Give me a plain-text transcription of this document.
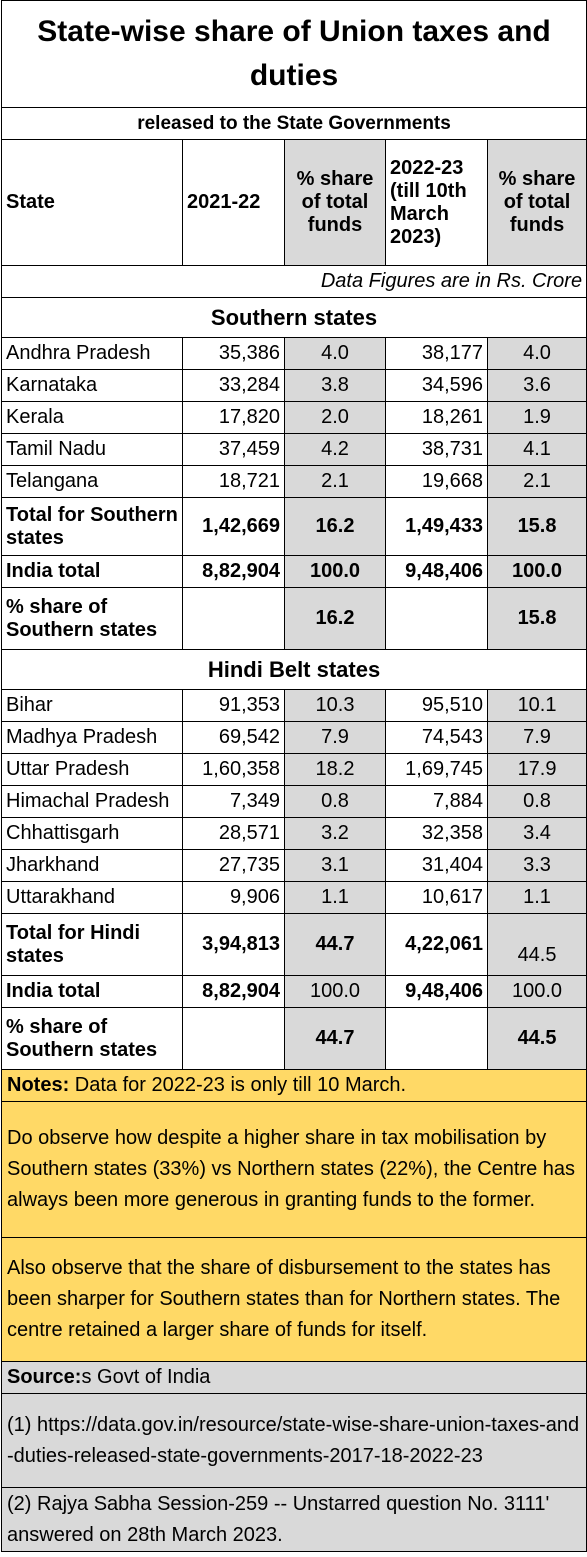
State-wise share of Union taxes and duties				
released to the State Governments				
State	2021-22	% share of total funds	2022-23 (till 10th March 2023)	% share of total funds
Data Figures are in Rs. Crore				
Southern states				
Andhra Pradesh	35,386	4.0	38,177	4.0
Karnataka	33,284	3.8	34,596	3.6
Kerala	17,820	2.0	18,261	1.9
Tamil Nadu	37,459	4.2	38,731	4.1
Telangana	18,721	2.1	19,668	2.1
Total for Southern states	1,42,669	16.2	1,49,433	15.8
India total	8,82,904	100.0	9,48,406	100.0
% share of Southern states		16.2		15.8
Hindi Belt states				
Bihar	91,353	10.3	95,510	10.1
Madhya Pradesh	69,542	7.9	74,543	7.9
Uttar Pradesh	1,60,358	18.2	1,69,745	17.9
Himachal Pradesh	7,349	0.8	7,884	0.8
Chhattisgarh	28,571	3.2	32,358	3.4
Jharkhand	27,735	3.1	31,404	3.3
Uttarakhand	9,906	1.1	10,617	1.1
Total for Hindi states	3,94,813	44.7	4,22,061	44.5
India total	8,82,904	100.0	9,48,406	100.0
% share of Southern states		44.7		44.5
Notes: Data for 2022-23 is only till 10 March.				
Do observe how despite a higher share in tax mobilisation by Southern states (33%) vs Northern states (22%), the Centre has always been more generous in granting funds to the former.				
Also observe that the share of disbursement to the states has been sharper for Southern states than for Northern states. The centre retained a larger share of funds for itself.				
Source:s Govt of India				
(1) https://data.gov.in/resource/state-wise-share-union-taxes-and-duties-released-state-governments-2017-18-2022-23				
(2) Rajya Sabha Session-259 -- Unstarred question No. 3111' answered on 28th March 2023.				
